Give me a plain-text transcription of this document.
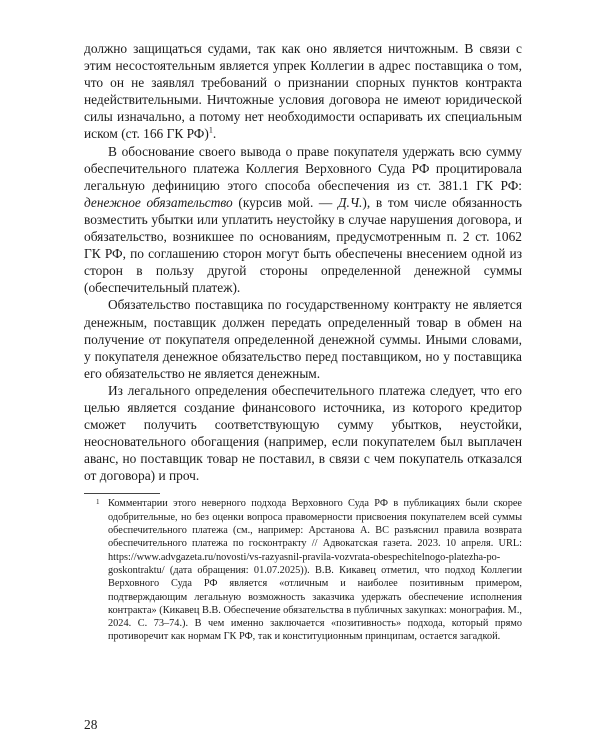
должно защищаться судами, так как оно является ничтожным. В связи с этим несостоятельным является упрек Коллегии в адрес поставщика о том, что он не заявлял требований о признании спорных пунктов контракта недействительными. Ничтожные условия договора не имеют юридической силы изначально, а потому нет необходимости оспаривать их специальным иском (ст. 166 ГК РФ)$^1$.

В обоснование своего вывода о праве покупателя удержать всю сумму обеспечительного платежа Коллегия Верховного Суда РФ процитировала легальную дефиницию этого способа обеспечения из ст. 381.1 ГК РФ: денежное обязательство (курсив мой. — Д.Ч.), в том числе обязанность возместить убытки или уплатить неустойку в случае нарушения договора, и обязательство, возникшее по основаниям, предусмотренным п. 2 ст. 1062 ГК РФ, по соглашению сторон могут быть обеспечены внесением одной из сторон в пользу другой стороны определенной денежной суммы (обеспечительный платеж).

Обязательство поставщика по государственному контракту не является денежным, поставщик должен передать определенный товар в обмен на получение от покупателя определенной денежной суммы. Иными словами, у покупателя денежное обязательство перед поставщиком, но у поставщика его обязательство не является денежным.

Из легального определения обеспечительного платежа следует, что его целью является создание финансового источника, из которого кредитор сможет получить соответствующую сумму убытков, неустойки, неосновательного обогащения (например, если покупателем был выплачен аванс, но поставщик товар не поставил, в связи с чем покупатель отказался от договора) и проч.

1 Комментарии этого неверного подхода Верховного Суда РФ в публикациях были скорее одобрительные, но без оценки вопроса правомерности присвоения покупателем всей суммы обеспечительного платежа (см., например: Арстанова А. ВС разъяснил правила возврата обеспечительного платежа по госконтракту // Адвокатская газета. 2023. 10 апреля. URL: https://www.advgazeta.ru/novosti/vs-razyasnil-pravila-vozvrata-obespechitelnogo-platezha-po-goskontraktu/ (дата обращения: 01.07.2025)). В.В. Кикавец отметил, что подход Коллегии Верховного Суда РФ является «отличным и наиболее позитивным примером, подтверждающим легальную возможность заказчика удержать обеспечение исполнения контракта» (Кикавец В.В. Обеспечение обязательства в публичных закупках: монография. М., 2024. С. 73–74.). В чем именно заключается «позитивность» подхода, который прямо противоречит как нормам ГК РФ, так и конституционным принципам, остается загадкой.

28
